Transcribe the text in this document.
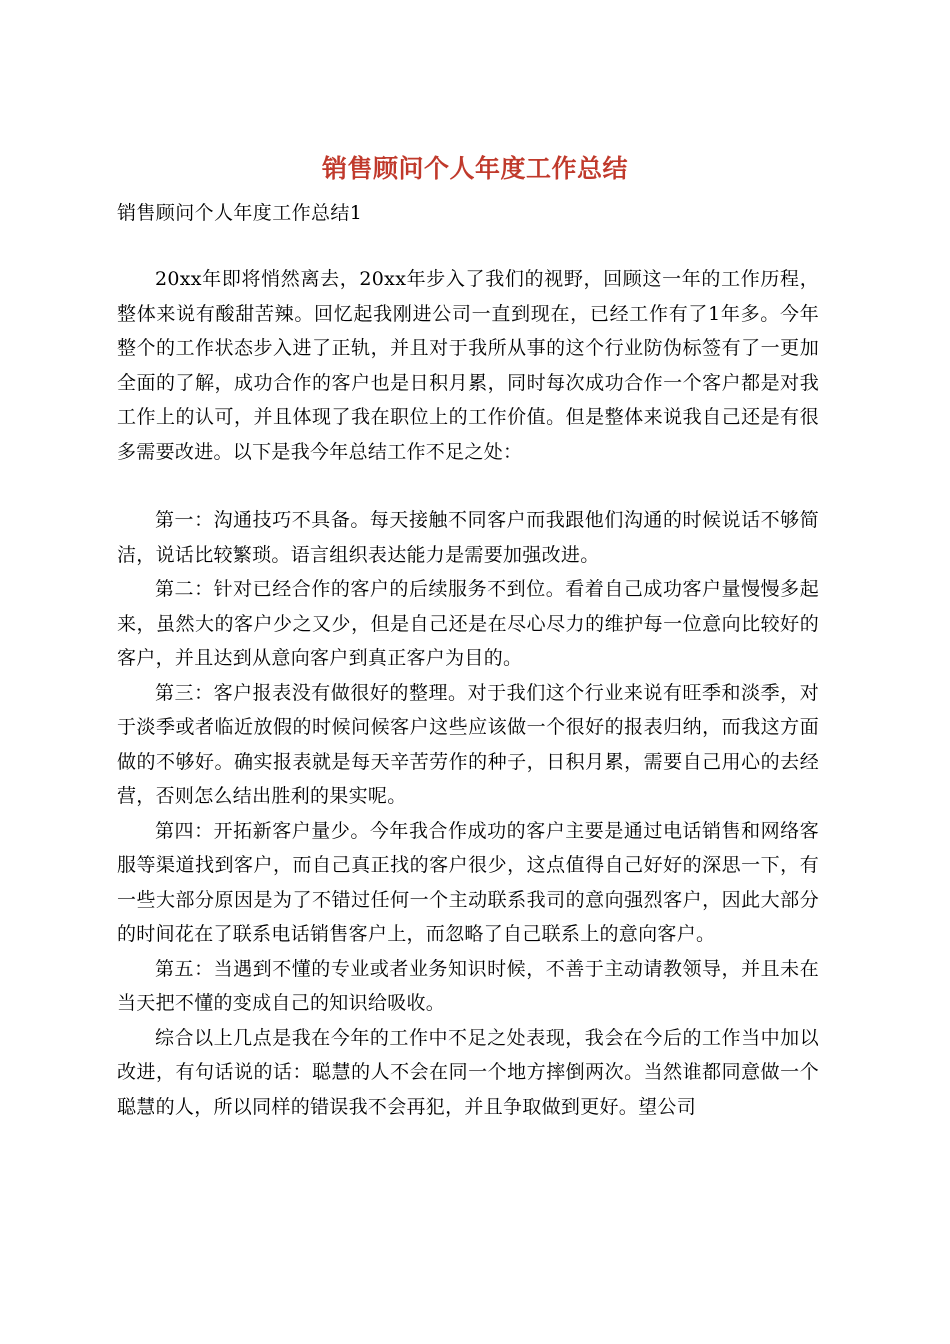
销售顾问个人年度工作总结
销售顾问个人年度工作总结1

20xx年即将悄然离去，20xx年步入了我们的视野，回顾这一年的工作历程，整体来说有酸甜苦辣。回忆起我刚进公司一直到现在，已经工作有了1年多。今年整个的工作状态步入进了正轨，并且对于我所从事的这个行业防伪标签有了一更加全面的了解，成功合作的客户也是日积月累，同时每次成功合作一个客户都是对我工作上的认可，并且体现了我在职位上的工作价值。但是整体来说我自己还是有很多需要改进。以下是我今年总结工作不足之处：

第一：沟通技巧不具备。每天接触不同客户而我跟他们沟通的时候说话不够简洁，说话比较繁琐。语言组织表达能力是需要加强改进。

第二：针对已经合作的客户的后续服务不到位。看着自己成功客户量慢慢多起来，虽然大的客户少之又少，但是自己还是在尽心尽力的维护每一位意向比较好的客户，并且达到从意向客户到真正客户为目的。

第三：客户报表没有做很好的整理。对于我们这个行业来说有旺季和淡季，对于淡季或者临近放假的时候问候客户这些应该做一个很好的报表归纳，而我这方面做的不够好。确实报表就是每天辛苦劳作的种子，日积月累，需要自己用心的去经营，否则怎么结出胜利的果实呢。

第四：开拓新客户量少。今年我合作成功的客户主要是通过电话销售和网络客服等渠道找到客户，而自己真正找的客户很少，这点值得自己好好的深思一下，有一些大部分原因是为了不错过任何一个主动联系我司的意向强烈客户，因此大部分的时间花在了联系电话销售客户上，而忽略了自己联系上的意向客户。

第五：当遇到不懂的专业或者业务知识时候，不善于主动请教领导，并且未在当天把不懂的变成自己的知识给吸收。

综合以上几点是我在今年的工作中不足之处表现，我会在今后的工作当中加以改进，有句话说的话：聪慧的人不会在同一个地方摔倒两次。当然谁都同意做一个聪慧的人，所以同样的错误我不会再犯，并且争取做到更好。望公司
